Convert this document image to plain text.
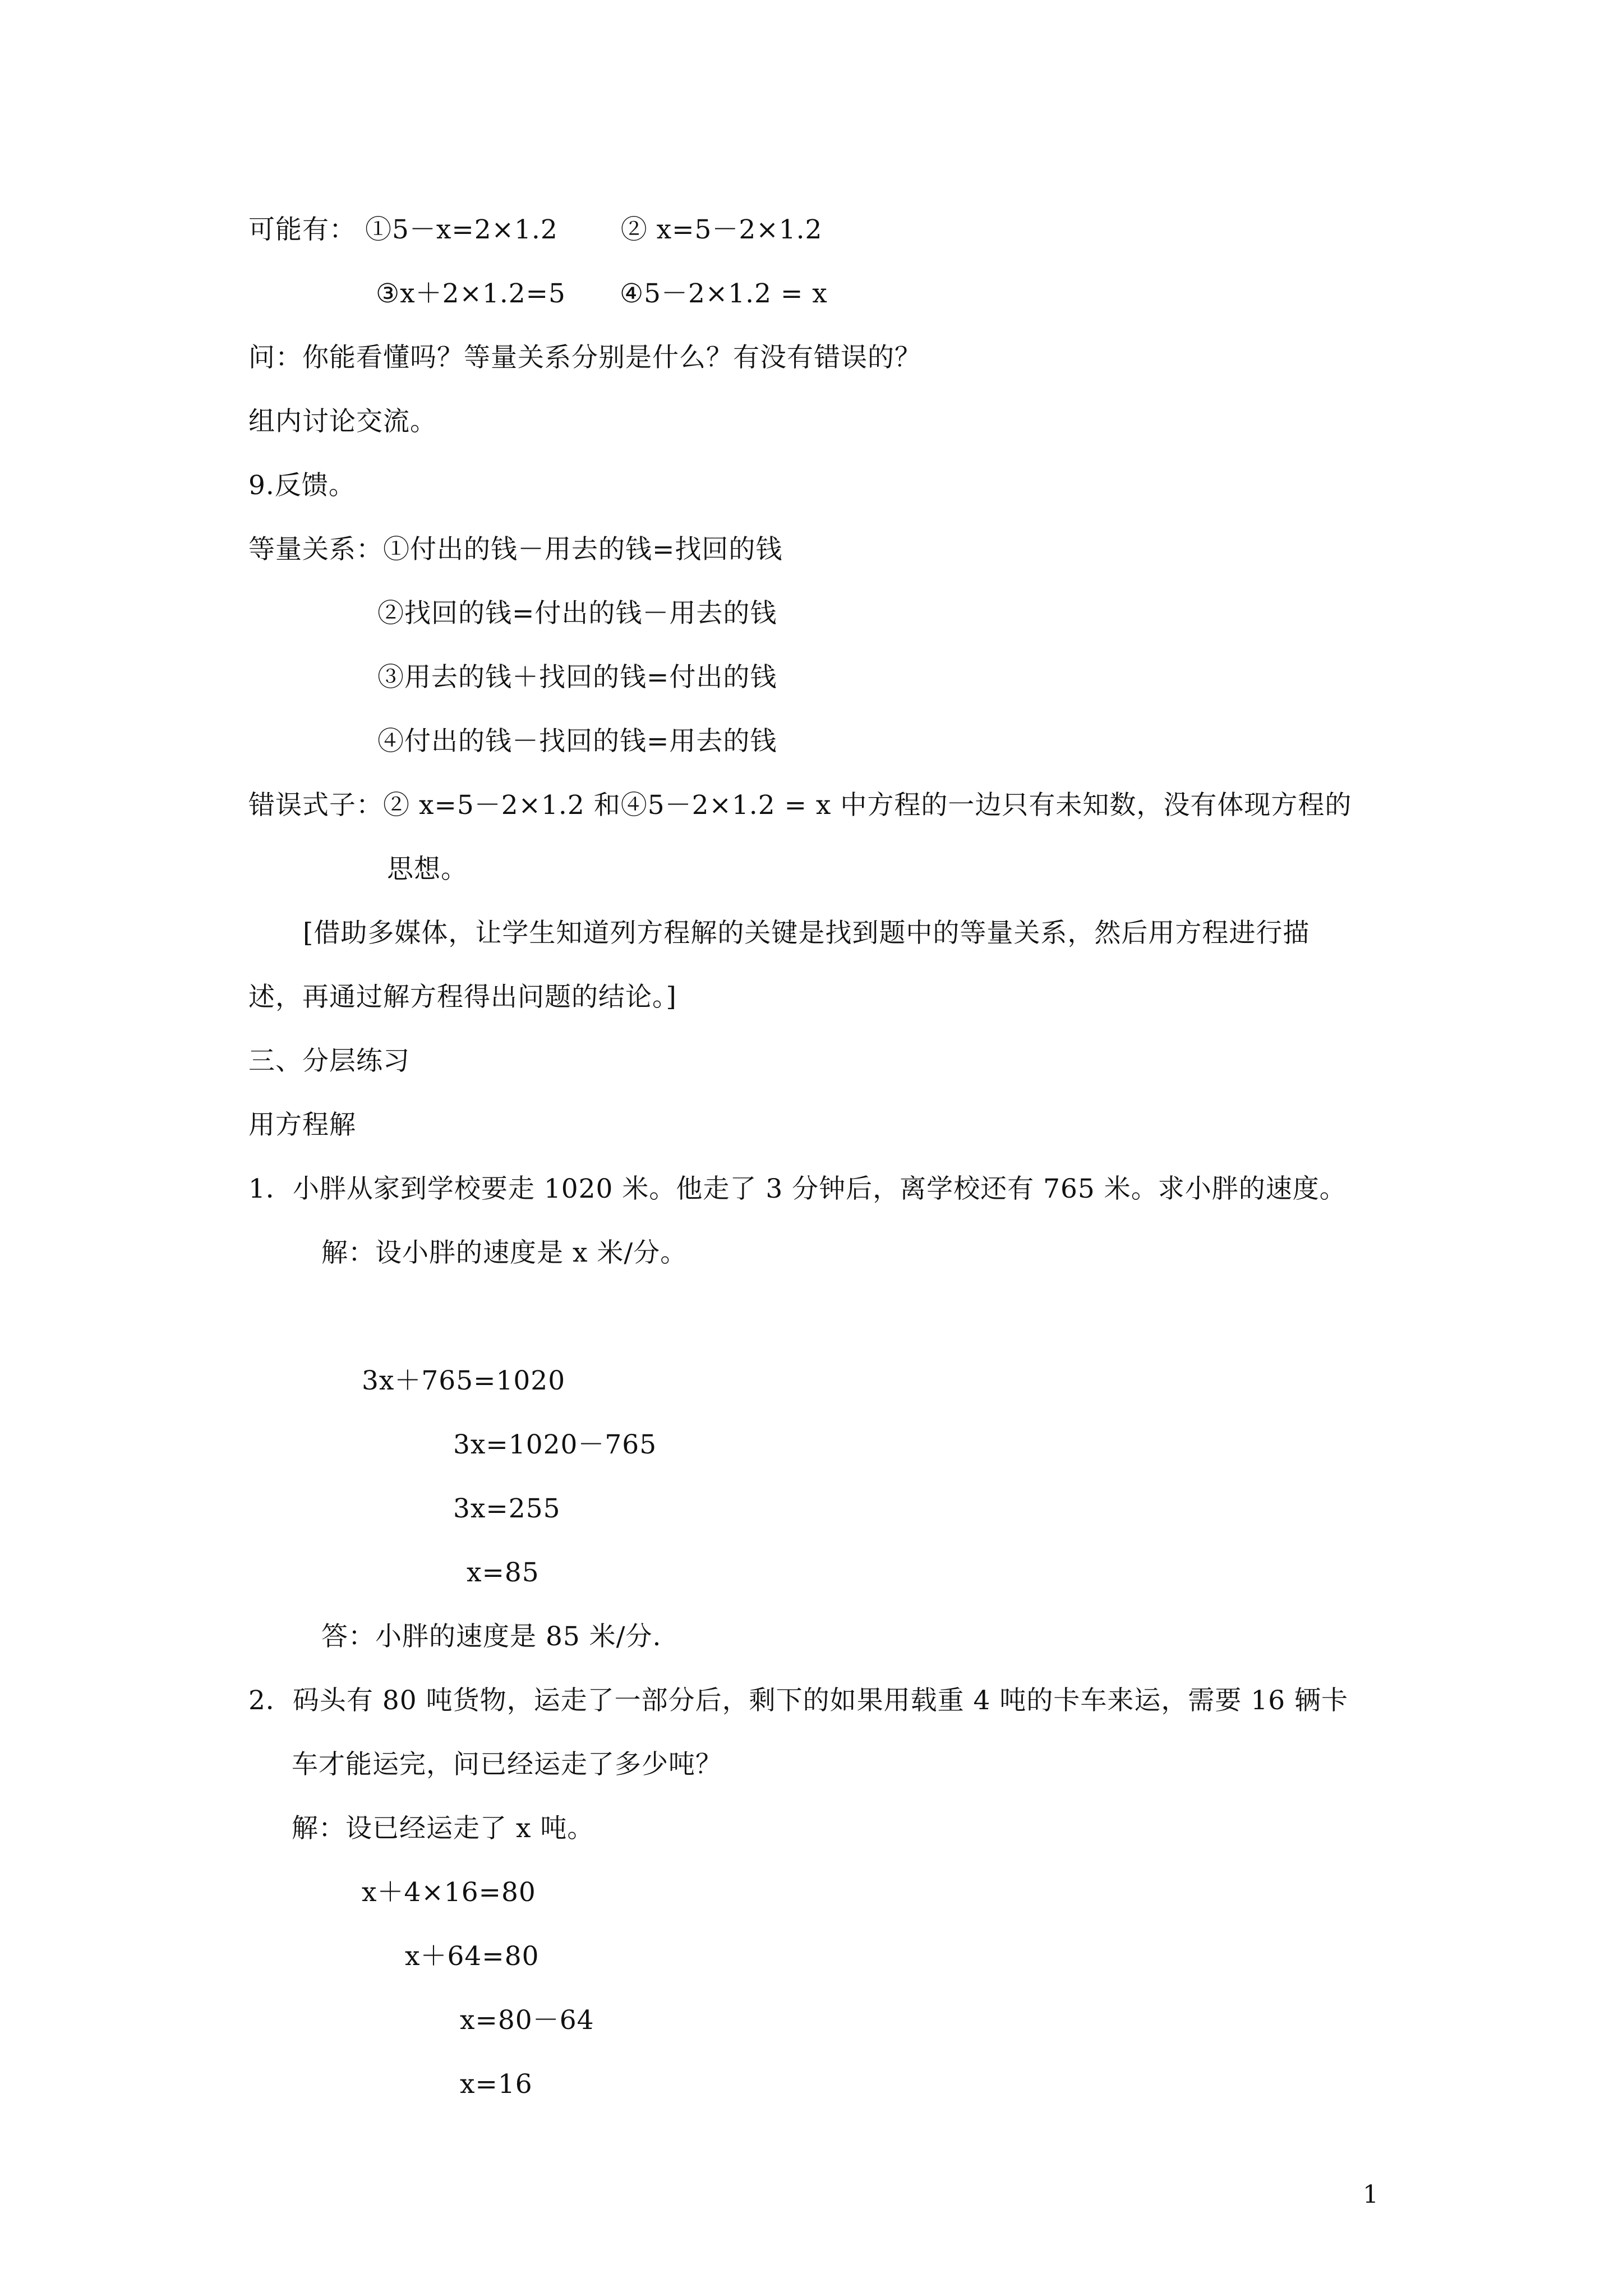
可能有： ①5－x=2×1.2　　 ② x=5－2×1.2
③x＋2×1.2=5　　④5－2×1.2 = x
问：你能看懂吗？等量关系分别是什么？有没有错误的？
组内讨论交流。
9.反馈。
等量关系：①付出的钱－用去的钱=找回的钱
②找回的钱=付出的钱－用去的钱
③用去的钱＋找回的钱=付出的钱
④付出的钱－找回的钱=用去的钱
错误式子：② x=5－2×1.2 和④5－2×1.2 = x 中方程的一边只有未知数，没有体现方程的
思想。
[借助多媒体，让学生知道列方程解的关键是找到题中的等量关系，然后用方程进行描
述，再通过解方程得出问题的结论。]
三、分层练习
用方程解
1．小胖从家到学校要走 1020 米。他走了 3 分钟后，离学校还有 765 米。求小胖的速度。
解：设小胖的速度是 x 米/分。
3x＋765=1020
3x=1020－765
3x=255
x=85
答：小胖的速度是 85 米/分.
2．码头有 80 吨货物，运走了一部分后，剩下的如果用载重 4 吨的卡车来运，需要 16 辆卡
车才能运完，问已经运走了多少吨？
解：设已经运走了 x 吨。
x＋4×16=80
x＋64=80
x=80－64
x=16
1
